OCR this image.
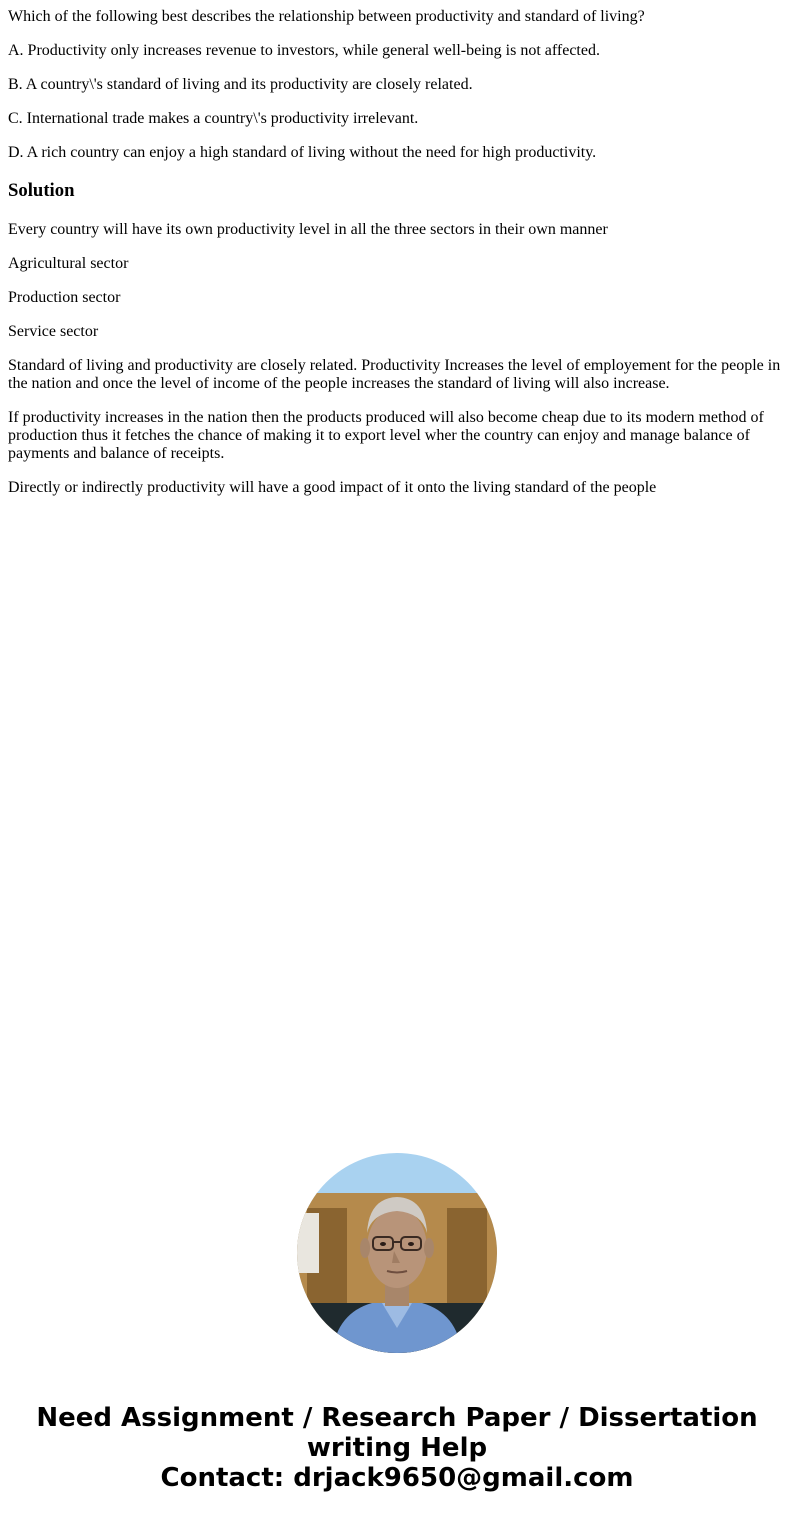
Which of the following best describes the relationship between productivity and standard of living?

A. Productivity only increases revenue to investors, while general well-being is not affected.

B. A country\'s standard of living and its productivity are closely related.

C. International trade makes a country\'s productivity irrelevant.

D. A rich country can enjoy a high standard of living without the need for high productivity.

Solution

Every country will have its own productivity level in all the three sectors in their own manner

Agricultural sector

Production sector

Service sector

Standard of living and productivity are closely related. Productivity Increases the level of employement for the people in the nation and once the level of income of the people increases the standard of living will also increase.

If productivity increases in the nation then the products produced will also become cheap due to its modern method of production thus it fetches the chance of making it to export level wher the country can enjoy and manage balance of payments and balance of receipts.

Directly or indirectly productivity will have a good impact of it onto the living standard of the people

Need Assignment / Research Paper / Dissertation
writing Help
Contact: drjack9650@gmail.com
